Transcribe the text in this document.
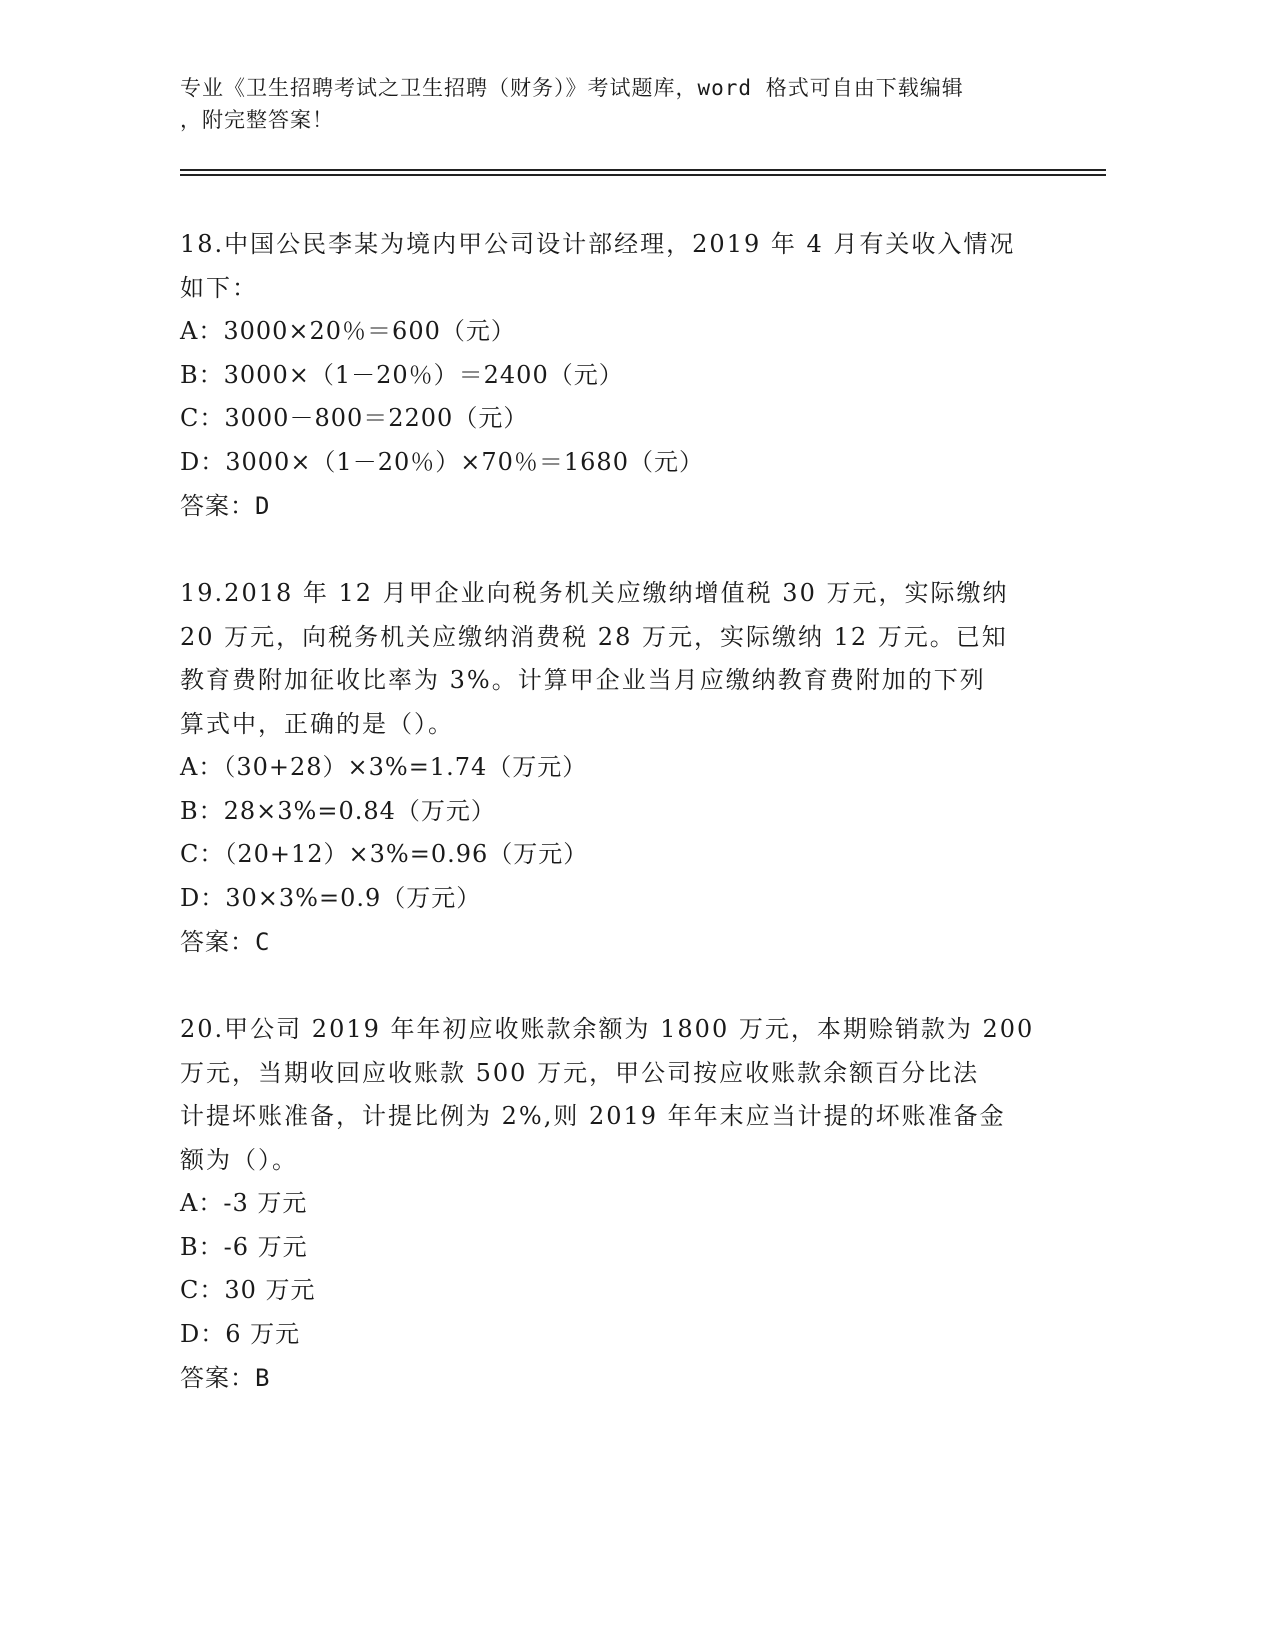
专业《卫生招聘考试之卫生招聘（财务）》考试题库，word 格式可自由下载编辑
，附完整答案！
18.中国公民李某为境内甲公司设计部经理，2019 年 4 月有关收入情况
如下：
A：3000×20％＝600（元）
B：3000×（1－20％）＝2400（元）
C：3000－800＝2200（元）
D：3000×（1－20％）×70％＝1680（元）
答案：D
19.2018 年 12 月甲企业向税务机关应缴纳增值税 30 万元，实际缴纳
20 万元，向税务机关应缴纳消费税 28 万元，实际缴纳 12 万元。已知
教育费附加征收比率为 3%。计算甲企业当月应缴纳教育费附加的下列
算式中，正确的是（）。
A：（30+28）×3%=1.74（万元）
B：28×3%=0.84（万元）
C：（20+12）×3%=0.96（万元）
D：30×3%=0.9（万元）
答案：C
20.甲公司 2019 年年初应收账款余额为 1800 万元，本期赊销款为 200
万元，当期收回应收账款 500 万元，甲公司按应收账款余额百分比法
计提坏账准备，计提比例为 2%,则 2019 年年末应当计提的坏账准备金
额为（）。
A：-3 万元
B：-6 万元
C：30 万元
D：6 万元
答案：B
